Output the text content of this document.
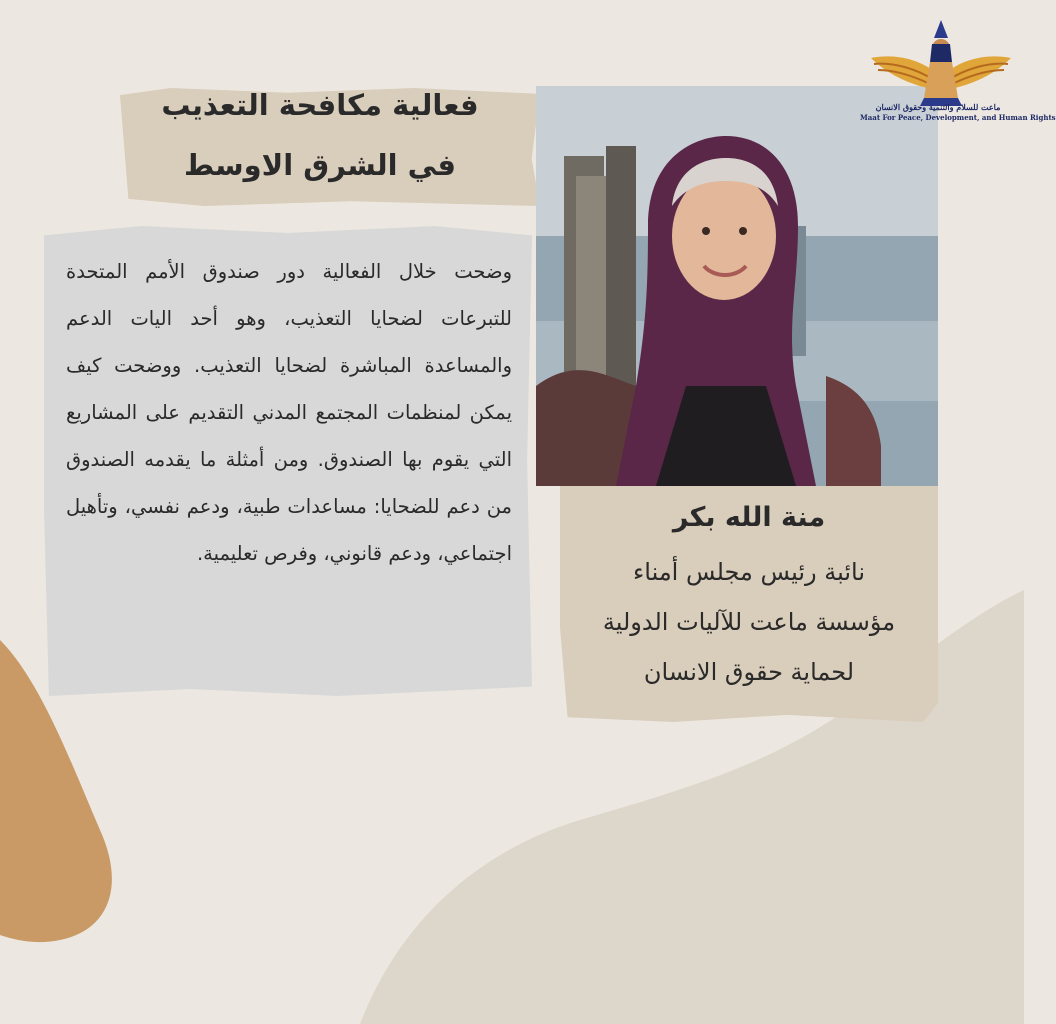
فعالية مكافحة التعذيب
في الشرق الاوسط
وضحت خلال الفعالية دور صندوق الأمم المتحدة للتبرعات لضحايا التعذيب، وهو أحد اليات الدعم والمساعدة المباشرة لضحايا التعذيب. ووضحت كيف يمكن لمنظمات المجتمع المدني التقديم على المشاريع التي يقوم بها الصندوق. ومن أمثلة ما يقدمه الصندوق من دعم للضحايا: مساعدات طبية، ودعم نفسي، وتأهيل اجتماعي، ودعم قانوني، وفرص تعليمية.
منة الله بكر
نائبة رئيس مجلس أمناء
مؤسسة ماعت للآليات الدولية
لحماية حقوق الانسان
ماعت للسلام والتنمية وحقوق الانسان
Maat For Peace, Development, and Human Rights
